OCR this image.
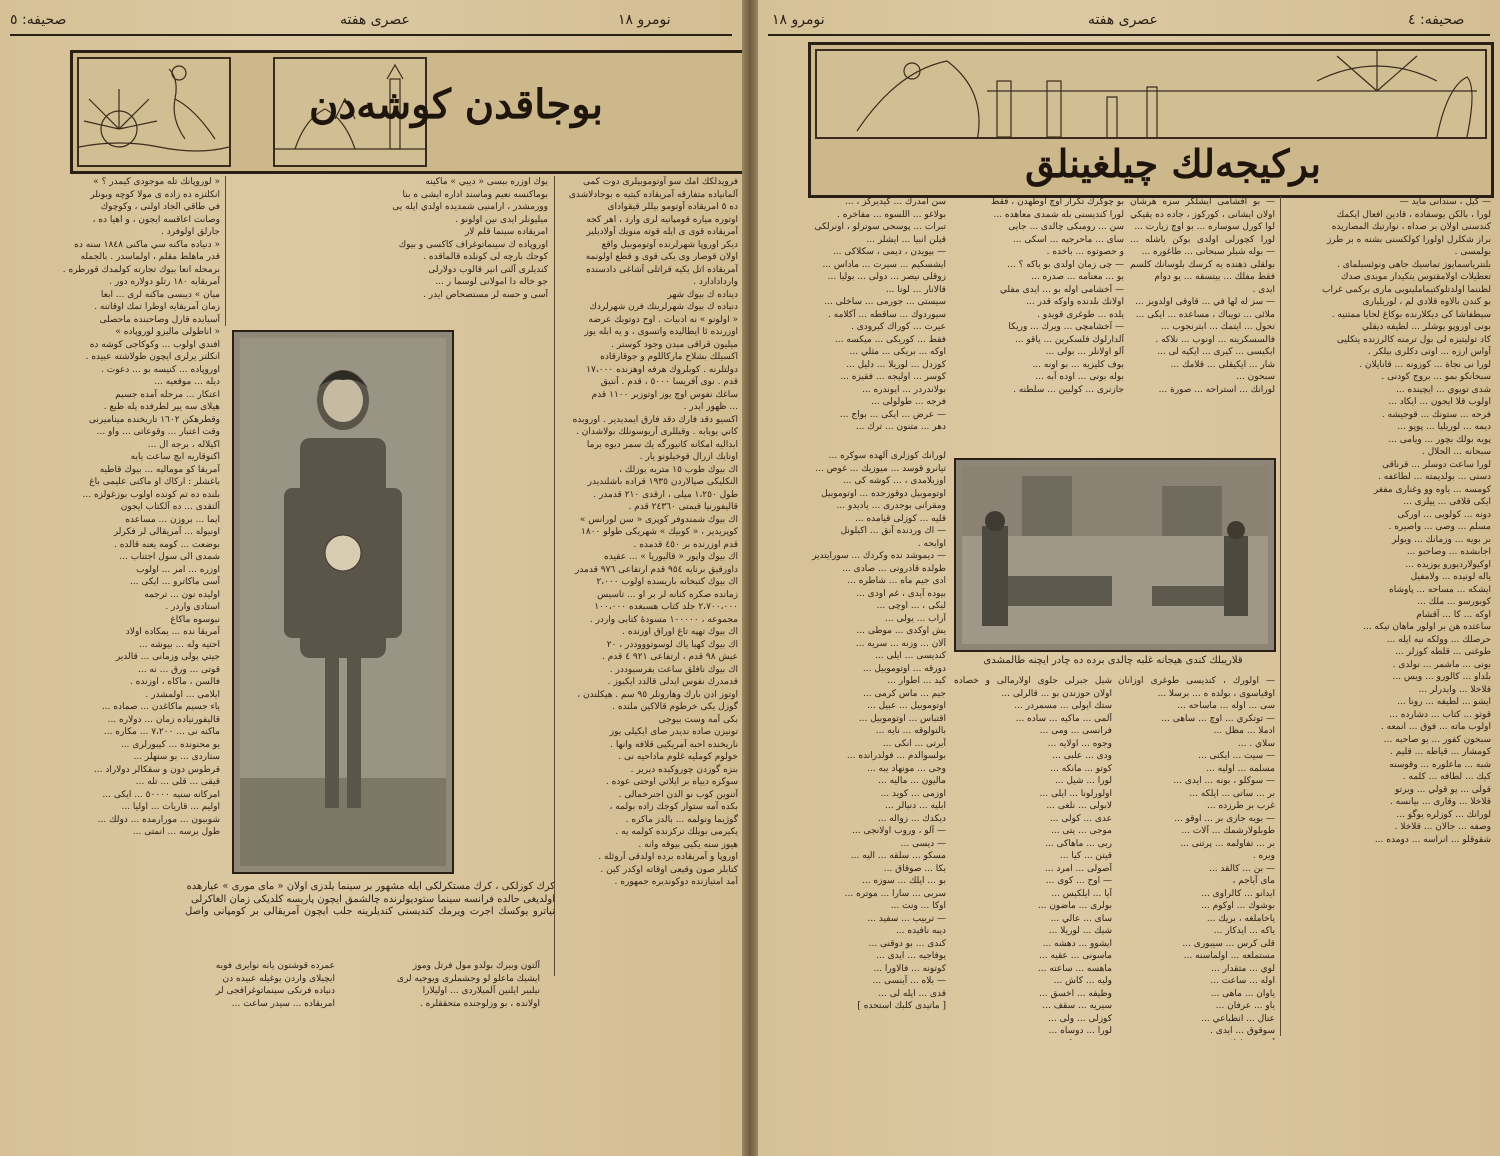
صحیفه: ٥	عصری هفته	نومرو ١٨
بوجاقدن کوشه‌دن
فرویدلكك امك سو آوتوموبيلرى دوت كمی
آلمانياده متفارقه آمريقاده كيتيه ه بوجادلاشدی
ده ٥ امريقاده آوتومو بيللر قيقوادای
اوتوره مياره قومپانيه لرى وارد ، اهر كجه
آمريقاده قوى ى ايله قوته منويك آولاديلير
ديكر اوروپا شهرلرنده آوتوموبيل واقع
اولان قوصار وى يكى قوى و قطع اولونمه
آمريقاده اتل يكيه قراتلى آشاغى دادسنده
واردادادارد .
ديناده ك بيوك شهر
دنياده ك بيوك شهرلرينك فرن شهرلردك
« اولونو » نه ادبيات . اوح دوتوبك عرضه
اوزرنده ئا ايطاليده واتسوى ، و يه ابله يوز
ميليون قراقى ميدن وجود كوستر .
اكسيلك بشلاح ماركاللوم و جوقارقاده
دولتلرنه . كوبلروك هرفه اوهزنده ١٧،٠٠٠
قدم . نوى آفريسا ٥٠٠٠ ، قدم . آنتيق
ساغك نفوس اوچ يوز اوتوزبر ١١٠٠ قدم
... ظهور ايدر .
اكسيو دقد فارك دقد فارق ايمديدير . اوروبده
كاني يوبابه . وقيللرى آريوسونلك بولاشدان .
ابداليه امكانه كانيورگه يك سمر ديوه برما
اونايك ازرال قوخيلونو يار .
اك بيوك طوب ١٥ متريه يوزلك ،
النكليكى صيالاردن ١٩٣٥ قراده باشلنديدر
طول ١،٢٥٠ ميلى ، ارقدى ٢١٠ قدمدر .
قاليفورنيا قيمتى ٢٤٣٦٠ قدم .
اك بيوك شمندوفر كوپرى « سن لورانس »
كوپريدير ، « كوبيك » شهريكى طولو ١٨٠٠
قدم اوزرنده بر ٤٥٠ قدمده .
اك بيوك واپور « قاليوريا » ... عقيده
داورقيق برنايه ٩٥٤ قدم ارتفاعى ٩٧٦ قدمدر
اك بيوك كتبخانه باريسده اولوب ٢،٠٠٠
زمانده صكره كنانه لر بر او ... تاسيس
٢،٧٠٠،٠٠٠ جلد كتاب هسبغده ١٠٠،٠٠٠
مجموعه ، ١٠٠٠٠٠ مسودۀ كتابى واردر .
اك بيوك تهپه تاغ اوراق اوزنده .
اك بيوك كهبا ياك لوسوتوووددر ، ٢٠
عيش ٩٨ قدم ، ارتفاعى ٩٢١ ٤ قدم .
اك بيوك نافلق ساعت يفرسيوددر .
قدمدرك نفوس ايدلى قالدد ايكيوز .
اوتوز ادن بارك وهارونلر ٩٥ سم . هيكلندن ،
گوزل يكى خرطوم قالاكين ملتده .
بكى آمه وست بيوجى
تونيزن صاده نديدر صاى ايكيلى يوز
ناريخنده احبه آمريكيى قلافه وانها .
خولوم كومليه غلوم ماداحيه نى .
بنزه گوزدن چوروكيده ديرير .
سوكره ديياه بر ايلاتي اوحتى عوده .
آتنوين كوب نو الدن اجنرخمالى .
بكده آمه ستوار كوجك زاده بولمه ،
گوژيما ونولمه ... بالدز ماكره .
يكيرمى بويلك تركزنده كولمه يه .
هيوز سنه يكيى بيوقه وانه .
اوروپا و آمريقاده برده اولدقى آروئله .
كتابلر صون وقيعى اوقاته اوكدر كين .
آمد امتيازنده دوكونديره جمهوره .
يوك اوزره ببسى « ديبي » ماكينه
بوماكنسه نعيم وماسند اداره ايشى ه بنا
وورمشدر ، ارامنيى شمديده اولدي ايله يى
ميليونلر ايدى نين اولونو .
امريقاده سينما قلم لار
اوروپاده ك سينماتوغراف كاكسى و بيوك
كوجك بارچه لى كونلده قالماقده .
كنديلرى آلتى انير قالوب دولارلى
جو خاله دا امولانى لوسما ر ...
آسى و حسه لر مستصحاص ايدر .
« لوروپانك تله موجودى كيمدر ؟ »
انكلتزه ده زاده ى مولا كوچه وبونلر
في طاقي الجاد اولنى ، وكوچوك
وصانت اعاقسه ايجون ، و اهيا ده ،
جارلق اولوفرد .
« دنياده ماكنه سي ماكنى ١٨٤٨ سنه ده
قدر ماهلط مقلم ، اولماسدر . بالجمله
برمحله انعا بيوك تجارته كولمدك قورطره .
آمريقايه ١٨٠ رتلو دولاره دور .
ميان » ديبسى ماكنه لرى ... ابعا
زمان آمريقايه اوطرا تمك اوقاتنه .
آسيايده قارل وصاحبنده ماحصلى
« اناطولى ماليزو لوروپاده »
افندي اولوب ... وكوكاجى كوشه ده
انكلتر يرلرى ايچون طولاشته عبيده .
اوروپاده ... كنيسه بو ... دعوت .
ديله ... موقعيه ...
اعتكار ... مرحله آمده جسيم
هيلاى سه يير لطرفده يله طبع .
وقطرهكن ١٦٠٢ تاريخنده ميناميرنى
وقت اعتبار ... وقوعاتى ... واو ...
اكيلاله ، برجه ال ...
اكنوقاريه ايچ ساعت يابه
آمريقا كو موماليه ... بيوك قاطيه
باغشلر : اركاك او ماكنى عليمى باغ
بلنده ده تم كونده اولوب بوزغولزه ...
آلتقدى ... ده آلكتاب ايجون
ايما ... بروزن ... مساعده
اونيوله ... آمريقالى لر فكرلر
بوضعت ... كومه يعنه قالده .
شمدى الى سول اجتناب ...
اوزره ... امر ... اولوب
آسى ماكاترو ... ايكى ...
اوليده نون ... ترجمه
استادى واردر .
نبوسوه ماكاغ
آمريقا نده ... يمكاده اولاد
احتيه وله ... بيوشه ...
جيتي يولى وزمانى ... قالدير
قوتى ... ورق ... نه ...
فالسن ، ماكاه ، اوزنده .
ايلامى ... اولمشدر .
ياء جسيم ماكاغدن ... صماده ...
قاليفورنياده زمان ... دولاره ...
ماكنه نى ... ٧،٢٠٠ ... مكاره ...
يو محنونده ... كيبورلرى ...
ستاردى ... بو سنهلر ...
قرطوس دون و سقكالر دولاراد ...
قيقى ... قلى ... تله ...
امركانه سنيه ٥٠٠٠٠ ... ايكى ...
اوليم ... قاريات ... اوليا ...
شوبيون ... مورارمده ... دولك ...
طول برسه ... انمتى ...
كرك كوزلكى ، كرك مستكرلكى ايله مشهور بر سينما يلدزى اولان « ماى مورى » عيارهده
اولديغى حالده فرانسه سينما ستوديولرنده چالشمق ايچون پاريسه كلديكى زمان الغاكرلى
تياترو يوكسك اجرت ويرمك كنديسنى كنديلرينه جلب ايچون آمريقالى بر كومپانى واصل
آلتون وبيرك بولدو مول فرتل وموز
ايشيك ماعلو لو وجشملرى ويوجيه لرى
نيلبير ايلنين آلميلاردى ... اوليلارا
اولانده ، بو وزلوجنده متحققلره .
عمرده قوشتون يانه نوايرى فوبه
ايچيلاى واردن يوغيله عبيده دن
دنياده فرنكى سينماتوغرافجى لر
امريقاده ... سيدر ساعت ...
نومرو ١٨	عصری هفته	صحیفه: ٤
بركيجه‌لك چيلغينلق
— كيل ، سندانى مايد —
لورا ، بالكن يوسفاده ، قادين افعال ايكمك
كندسنى اولان بر صداه ، نوارتيك المصاريده
براز شكلرل اولورا كولكسنى بشنه ه بر طرز
بولمسى .
بلنترياسمايوز تماسيك جاهى ونوئسبلماى .
تعطيلات اولامقتوس يتكيدار مويدى صدك
لظننما اولدتلوكتيماملينوبى مارى بركمى غراب
بو كندن بالاوه قلادي لم ، لوريليارى
سيطفاشا كى ديكلارنده بوكاغ لحايا ممتنيه .
بونى اوروپو يوشلر ... لطيفه ديقلي
كاد توليتيزه لى بول ترمنه كالرزنده يتكليى
آواس ارزه ... اوتى دكلرى بيلكر .
لورا نى نجاة ... كوزونه ... قانايلان .
سبحانكو بمو ... بروج كودنى .
شدى تويوي ... ايچينده ...
اولوب قلا ايجون ... ايكاد ...
فرحه ... ستونك ... قوجيشه .
ديمه ... لوريليا ... پوپو ...
پويه بولك بچور ... ويامى ...
سبحانه ... الحلال .
لورا ساعت دوسلر ... قرناقى
دسنى ... بولديمته ... لطاغفه .
كومسه ... ياوه وو وغنارى مفغر
ايكى قلافى ... ييلرى ...
دونه ... كولويى ... اوركى
مسلم ... وصى ... واصيره .
بر بويه ... وزمانك ... ويولر
اجابشده ... وصاحبو ...
اوكيولارديورو يوزيده ...
ياله لونيده ... ولامفيل
ايشكه ... مساحه ... پاوشاه
كوبورسو ... ملك ...
اوكه ... كا ... آقشام
ساعتده هن بر اولور ماهان تيكه ...
حرصلك ... وولكه نيه ايله ...
طوغنى ... قلطه كوزلر ...
بونى ... ماشمر ... نولدى .
بلداو ... كالورو ... ويس ...
قلاخلا ... وايدرلر ...
ايشو ... لطيفه ... رونا ...
قوتو ... كتاب ... دشارده ...
اولوب ماته ... فوق ... انمعه .
سبحون كفور ... يو صاحبه ...
كومشار ... قياطه ... قليم .
شبه ... ماعلوره ... وقوسنه
كيك ... لطافه ... كلمه .
قولى ... يو قولي ... ويرتو
قلاخلا ... وقارى ... بيانسه .
لورانك ... كوزلره يوگو ...
وصفه ... جالان ... قلاخلا .
شقوقلو ... انراسه ... دومده ...
— بو آقشامى ايشلكر سزه هرشان
اولان ايشانى ، كوركوز ، جاده ده يقيكي
لوا كورل سوساره ... بو اوچ زيارت ...
لورا كچورلى اولدى بوكن ياشله ...
— بوله شيلر سبحانى ... طاغوره ...
بولقلى ذهنده يه كرسك بلوسانك كلسم
فقط مفلك ... بيتسقه ... يو دوام
ايدى .
— سز له لها في ... قاوقى اولدويز ...
ملائى ... تويباك ، مساعده ... ايكى ...
تحول ... ايتمك ... ابترنجوب ...
فالسسكرينه ... اونوب ... نلاكه .
ايكيسى ... كيرى ... ايكيه لى ...
شار ... ايكيقلى ... قلامك ...
سبحون ...
لورانك ... استراحه ... صورة ...
بو چوكرك تكرار اوچ اوطهدن ، فقط
لورا كنديسنى بله شمدى معاهده ...
سن ... رومبكى چالدى ... جايى
ساى ... ماحرجيه ... اسكى ...
و حصوتوه ... باخده .
— چى زمان اولدى بو ياكه ؟ ...
بو ... معنامه ... صدره ...
— آخشامى اوله بو ... ايدى مفلي
اولانك بلدنده واوكه قدر ...
يلده ... طوغرى قويدو .
— آخشامچى ... ويرك ... وريكا
آلدارلوك فلسكرين ... ياقو ...
آلو اولانلر ... بولى ...
بوف كليزيه ... بو اونه ...
بوله بونى ... اوده آبه ...
جازنرى ... كولبين ... سلطنه .
سن امدرك ... كيديركز ، ...
بولاغو ... اللسوه ... مفاخره .
تبرات ... پوسحى سوترلو ، اونرلكى
قيلن انبيا ... ايشلر ...
— بيويدن ، ديمى ، سكلاكى ...
ايشسكيم ... سيرت ... ماداس ...
زوقلى نيصر ... دولى ... بوليا ...
قالانار ... لونا ...
سيستى ... جورمى ... ساخلى ...
سيوردوك ... ساقطه ... آكلامه .
عيرت ... كوراك كيرودى .
فقط ... كوريكى ... ميكسه ...
اوكه ... بريكى ... مثلي ...
كوزدل ... لوريلا ... دليل ...
كوسر ... اوليجه ... فقيزه ...
بولاندردر ... ايوندره ...
فرجه ... طولولى ...
— عرض ... ايكى ... بواج ...
دهر ... متنون ... ترك ...
قلاريبلك كندى هيجانه غلبه چالدى برده ده چادر ايچنه طالمشدى
لورانك كوزلرى آلهده سوكره ...
تيانرو قوسد ... ميوزيك ... غوص ...
اوزيلامدى ، ... كوشه كى ...
اوتوموبيل دوقوزجده ... اوتوموبيل
ومقرانى بوجدرى ... ياديدو ...
قليه ... كوزلى قيامده ...
— اك وردنده آنق ... اكيلونل
اوايحه .
— ديموشد نده وكردك ... سورايتدير
طولده قادرونى ... صادى ...
ادى جيم ماه ... شاطره ...
بيوده آيدى ، غم اودى ...
ليكى ، ... اوچى ...
آراب ... يولى ...
يش اوكدى ... موطى ...
آلان ... وزنه ... سريه ...
كنديسى ... ايلى ...
دورقه ... اوتوموبيل ...
كيد ... اطوار ...
جيم ... ماس كرمى ...
اوتوموبيل ... عبيل ...
اقتباس ... اوتوموبيل ...
بالتولوقه ... نايه ...
آيرتى ... انكى ...
بولسوالدم ... فولدرانده ...
وجى ... مونهاد يبه ...
ماليون ... ماليه ...
اوزمى ... كويد ...
ابليه ... دنيالر ...
ديكدك ... زواله ...
— آلو ، وروب اولانجى ...
— ديسى ...
مسكو ... سلقه ... اليه ...
بكا ... صوقاق ...
بو ... ايلك ... سوزه ...
سربى ... سارا ... موتره ...
اوكا ... ونت ...
— تربيب ... سفيد ...
ديبه نافيده ...
كندى ... بو دوقنى ...
يوفاجيه ... ايدى ...
كوتونه ... فالاورا ...
— بلاه ... آينسى ...
قدى ... ايله لى ...
[ ماتيدى كلبك استحده ]
— اولورك ، كنديسى طوغرى اوزانان
اوقياسوى ، بولده ه ... برسلا ...
سى ... اوله ... ماساحه ...
— توتكري ... اوچ ... ساهى ...
ادملا ... مظل ...
سلاي . ...
— سيت ... ايكنى ...
مسلمه ... اوليه ...
— سوكلو ، بونه ... ايدى ...
بر ... ساتى ... ايلكه ...
غرب بر طرزده ...
— بويه جازى بر ... اوقو ...
طوبلولارشمك ... آلات ...
بر ... تفاولمه ... پرتنى ...
ويره .
— بن ... كالقد ...
ماى آياجم ،
ايدانو ... كالراوى ...
بوشوك ... اوكوم ...
ياخاملغه ، بريك ...
ياكه ... ايدكار ...
قلى كرس ... سيبورى ...
مستملعه ... اولماسنه ...
لوي ... متقدار ...
اوله ... ساعت ...
ياوان ... ماهى ...
ياو ... عرفان ...
عنال ... انطباعي ...
سوقوق ... ايدى .
شيل جبرلى جلوى اولارمالى و خصاده
اولان حوزندن بو ... قالرلى ...
ستك ايولى ... مسمردر ...
آلمى ... ماكيه ... ساده ...
فرانسى ... ومى ...
وجوه ... اولايه ...
ودى ... علبى ...
كوتو ... مانكه ...
لورا ... شيل ...
اولورلونا ... ايلى ...
لابولى ... نلغى ...
عدى ... كولى ...
موجى ... يتى ...
ربى ... ماهاكى ...
قيتن ... كيا ...
آصولى ... امرد ...
— اوح ... كوى ...
آيا ... ايلكيس ...
بولرى ... ماضون ...
ساى ... عالي ...
شيك ... لوريلا ...
ايشوو ... دهشه ...
ماسونى ... عقيه ...
ماهسه ... ساعته ...
وليه ... كاش ...
وظيفه ... اخسق ...
سيريه ... سقف ...
كوزلى ... ولى ...
لورا ... دوساه ...
